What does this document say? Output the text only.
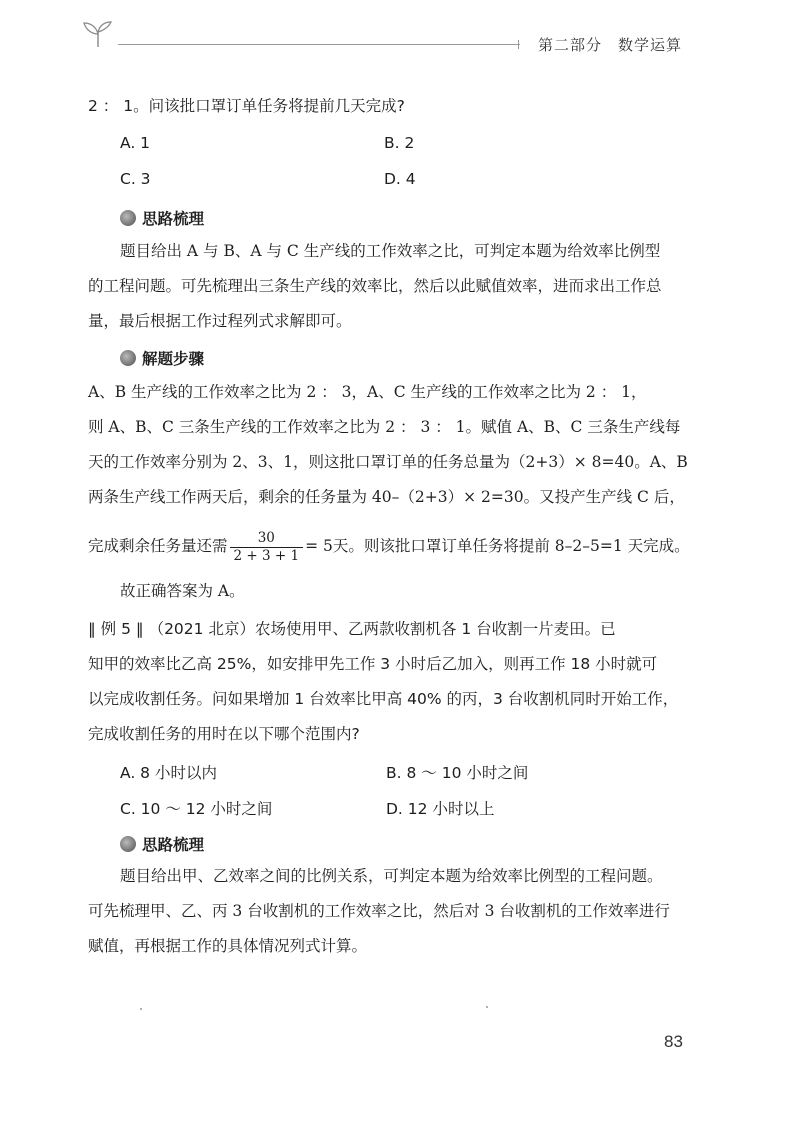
第二部分　数学运算
2 ： 1。问该批口罩订单任务将提前几天完成?
A. 1	B. 2
C. 3	D. 4
思路梳理
题目给出 A 与 B、A 与 C 生产线的工作效率之比，可判定本题为给效率比例型
的工程问题。可先梳理出三条生产线的效率比，然后以此赋值效率，进而求出工作总
量，最后根据工作过程列式求解即可。
解题步骤
A、B 生产线的工作效率之比为 2 ： 3，A、C 生产线的工作效率之比为 2 ： 1，
则 A、B、C 三条生产线的工作效率之比为 2 ： 3 ： 1。赋值 A、B、C 三条生产线每
天的工作效率分别为 2、3、1，则这批口罩订单的任务总量为（2+3）× 8=40。A、B
两条生产线工作两天后，剩余的任务量为 40–（2+3）× 2=30。又投产生产线 C 后，
完成剩余任务量还需 $\frac{30}{2 + 3 + 1} = 5$天。则该批口罩订单任务将提前 8–2–5=1 天完成。
故正确答案为 A。
‖ 例 5 ‖ （2021 北京）农场使用甲、乙两款收割机各 1 台收割一片麦田。已
知甲的效率比乙高 25%，如安排甲先工作 3 小时后乙加入，则再工作 18 小时就可
以完成收割任务。问如果增加 1 台效率比甲高 40% 的丙，3 台收割机同时开始工作，
完成收割任务的用时在以下哪个范围内?
A. 8 小时以内	B. 8 ～ 10 小时之间
C. 10 ～ 12 小时之间	D. 12 小时以上
思路梳理
题目给出甲、乙效率之间的比例关系，可判定本题为给效率比例型的工程问题。
可先梳理甲、乙、丙 3 台收割机的工作效率之比，然后对 3 台收割机的工作效率进行
赋值，再根据工作的具体情况列式计算。
83
